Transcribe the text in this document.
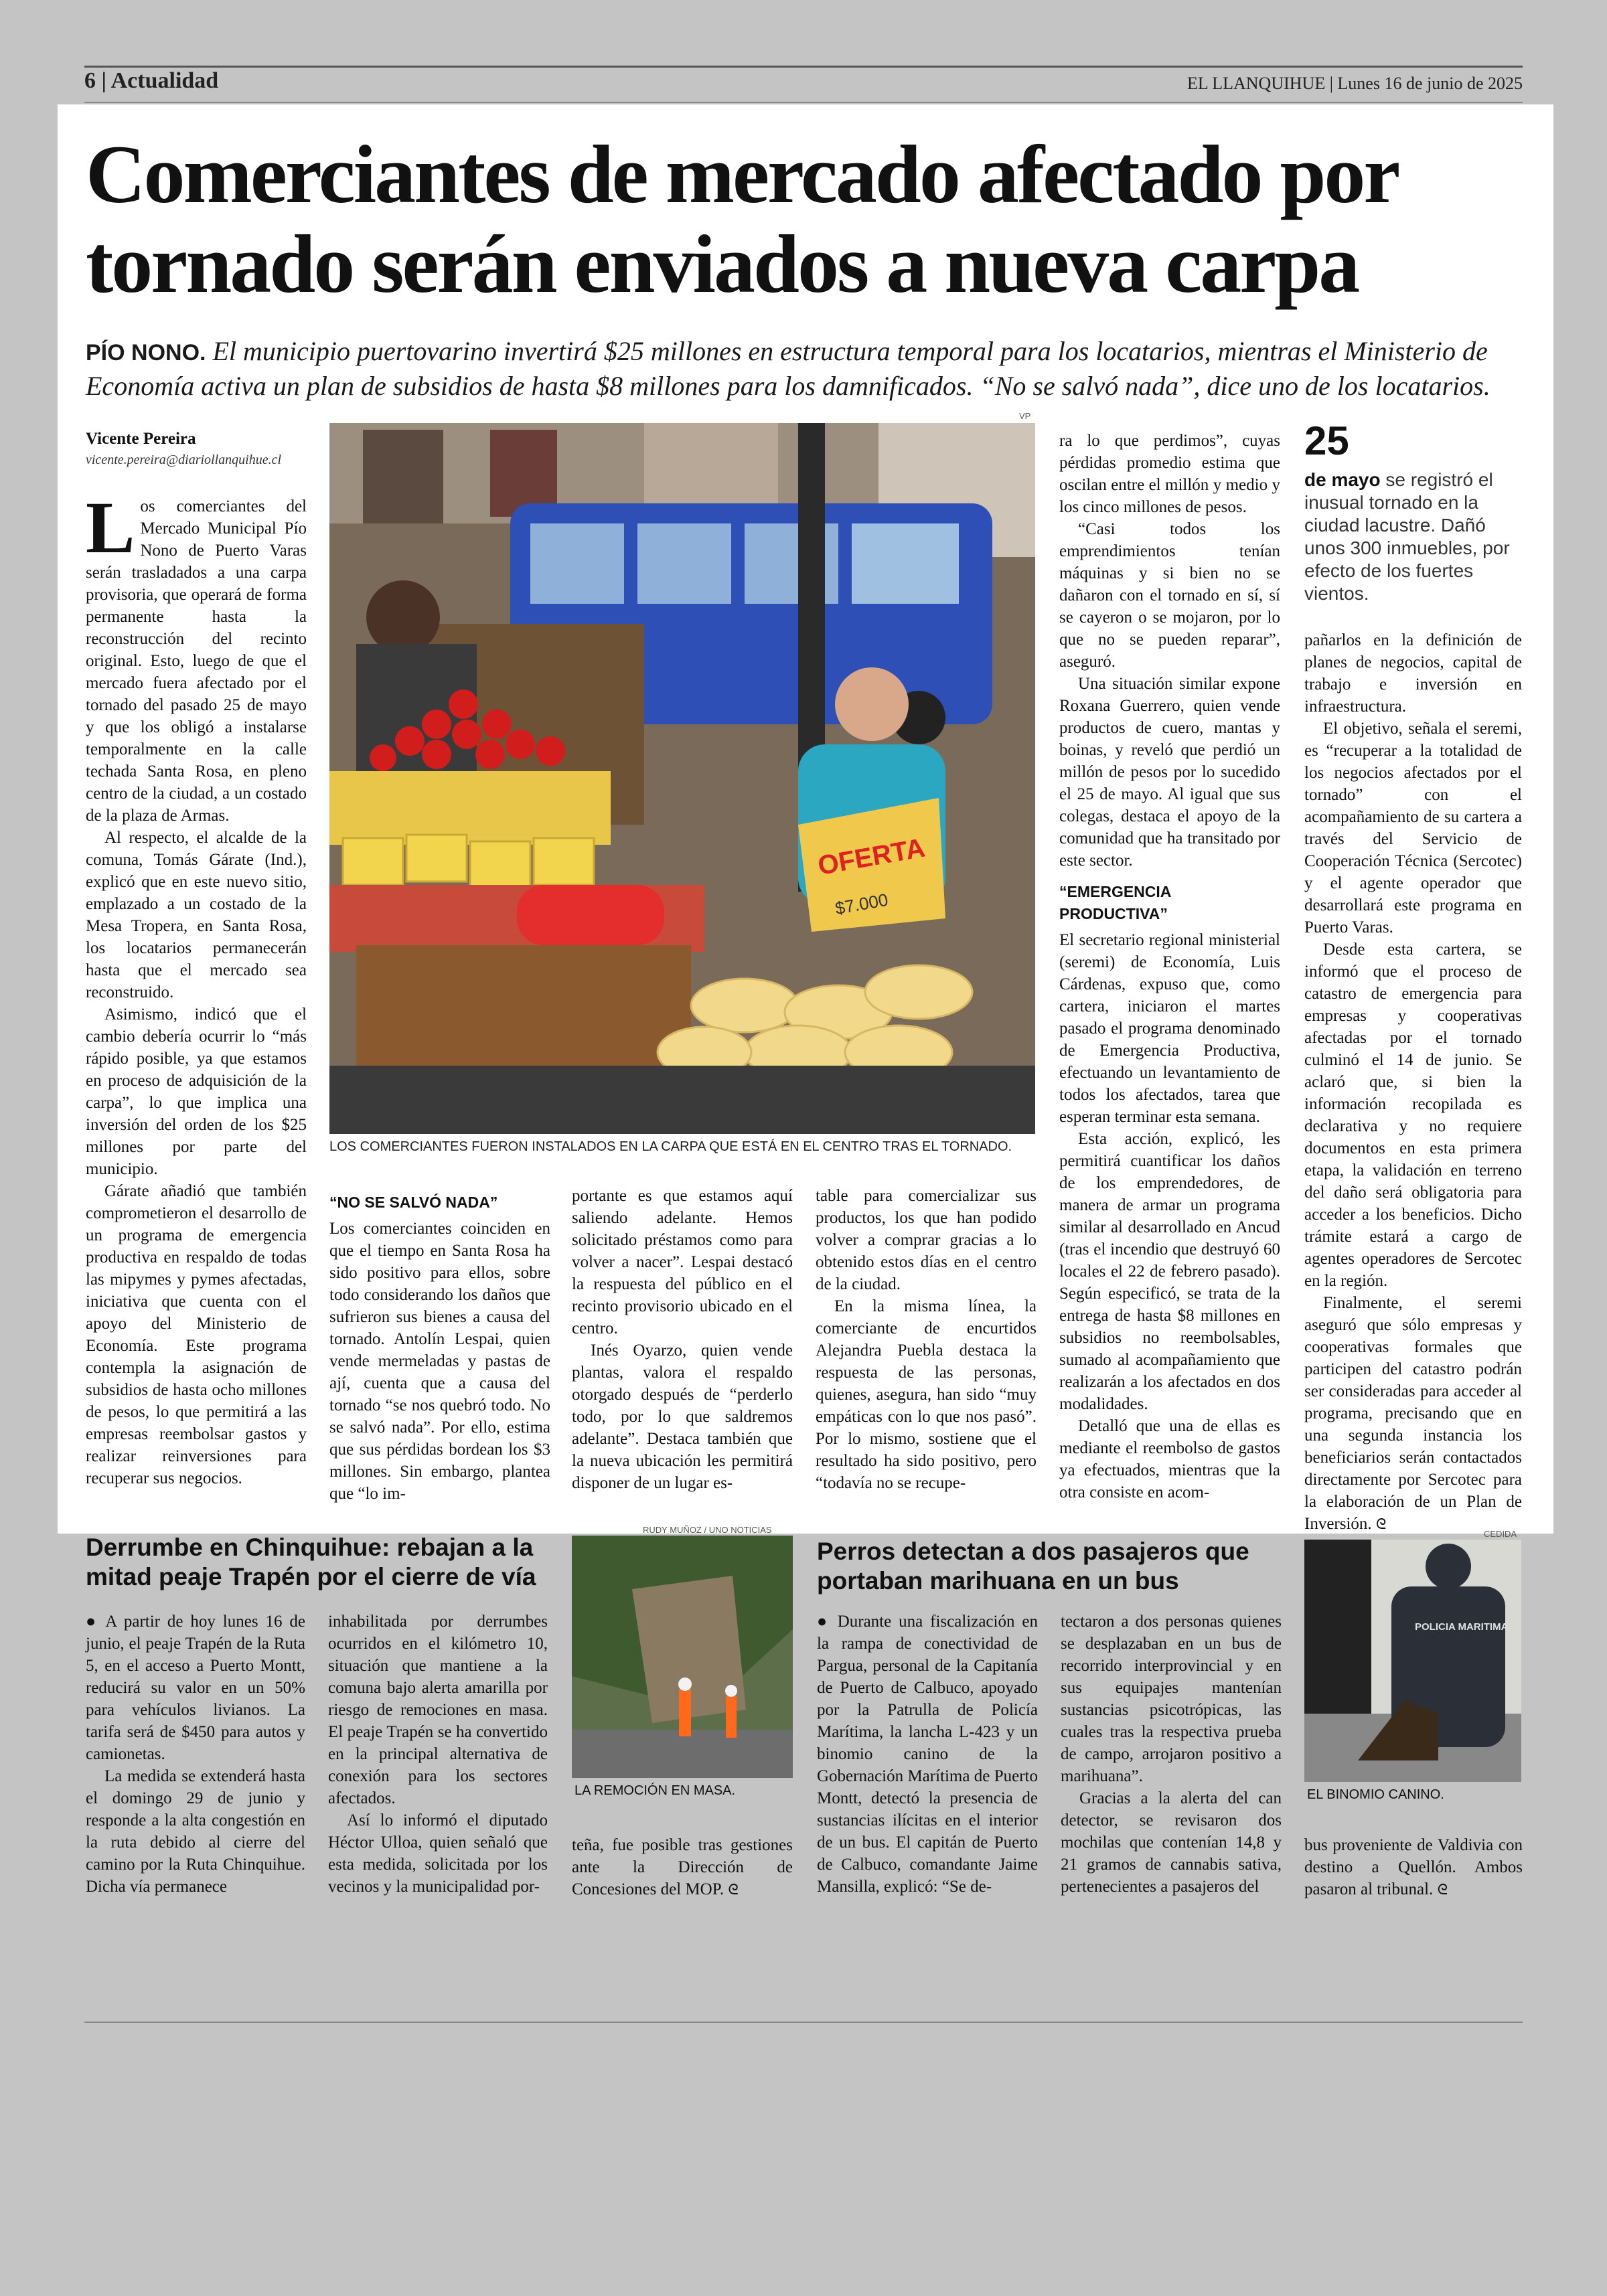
6 | Actualidad	EL LLANQUIHUE | Lunes 16 de junio de 2025
Comerciantes de mercado afectado por
tornado serán enviados a nueva carpa
PÍO NONO. El municipio puertovarino invertirá $25 millones en estructura temporal para los locatarios, mientras el Ministerio de Economía activa un plan de subsidios de hasta $8 millones para los damnificados. “No se salvó nada”, dice uno de los locatarios.
Vicente Pereira
vicente.pereira@diariollanquihue.cl

Los comerciantes del Mercado Municipal Pío Nono de Puerto Varas serán trasladados a una carpa provisoria, que operará de forma permanente hasta la reconstrucción del recinto original. Esto, luego de que el mercado fuera afectado por el tornado del pasado 25 de mayo y que los obligó a instalarse temporalmente en la calle techada Santa Rosa, en pleno centro de la ciudad, a un costado de la plaza de Armas.

Al respecto, el alcalde de la comuna, Tomás Gárate (Ind.), explicó que en este nuevo sitio, emplazado a un costado de la Mesa Tropera, en Santa Rosa, los locatarios permanecerán hasta que el mercado sea reconstruido.

Asimismo, indicó que el cambio debería ocurrir lo “más rápido posible, ya que estamos en proceso de adquisición de la carpa”, lo que implica una inversión del orden de los $25 millones por parte del municipio.

Gárate añadió que también comprometieron el desarrollo de un programa de emergencia productiva en respaldo de todas las mipymes y pymes afectadas, iniciativa que cuenta con el apoyo del Ministerio de Economía. Este programa contempla la asignación de subsidios de hasta ocho millones de pesos, lo que permitirá a las empresas reembolsar gastos y realizar reinversiones para recuperar sus negocios.

VP
OFERTA
$7.000
LOS COMERCIANTES FUERON INSTALADOS EN LA CARPA QUE ESTÁ EN EL CENTRO TRAS EL TORNADO.

“NO SE SALVÓ NADA”

Los comerciantes coinciden en que el tiempo en Santa Rosa ha sido positivo para ellos, sobre todo considerando los daños que sufrieron sus bienes a causa del tornado. Antolín Lespai, quien vende mermeladas y pastas de ají, cuenta que a causa del tornado “se nos quebró todo. No se salvó nada”. Por ello, estima que sus pérdidas bordean los $3 millones. Sin embargo, plantea que “lo im-

portante es que estamos aquí saliendo adelante. Hemos solicitado préstamos como para volver a nacer”. Lespai destacó la respuesta del público en el recinto provisorio ubicado en el centro.

Inés Oyarzo, quien vende plantas, valora el respaldo otorgado después de “perderlo todo, por lo que saldremos adelante”. Destaca también que la nueva ubicación les permitirá disponer de un lugar es-

table para comercializar sus productos, los que han podido volver a comprar gracias a lo obtenido estos días en el centro de la ciudad.

En la misma línea, la comerciante de encurtidos Alejandra Puebla destaca la respuesta de las personas, quienes, asegura, han sido “muy empáticas con lo que nos pasó”. Por lo mismo, sostiene que el resultado ha sido positivo, pero “todavía no se recupe-

ra lo que perdimos”, cuyas pérdidas promedio estima que oscilan entre el millón y medio y los cinco millones de pesos.

“Casi todos los emprendimientos tenían máquinas y si bien no se dañaron con el tornado en sí, sí se cayeron o se mojaron, por lo que no se pueden reparar”, aseguró.

Una situación similar expone Roxana Guerrero, quien vende productos de cuero, mantas y boinas, y reveló que perdió un millón de pesos por lo sucedido el 25 de mayo. Al igual que sus colegas, destaca el apoyo de la comunidad que ha transitado por este sector.

“EMERGENCIA PRODUCTIVA”

El secretario regional ministerial (seremi) de Economía, Luis Cárdenas, expuso que, como cartera, iniciaron el martes pasado el programa denominado de Emergencia Productiva, efectuando un levantamiento de todos los afectados, tarea que esperan terminar esta semana.

Esta acción, explicó, les permitirá cuantificar los daños de los emprendedores, de manera de armar un programa similar al desarrollado en Ancud (tras el incendio que destruyó 60 locales el 22 de febrero pasado). Según especificó, se trata de la entrega de hasta $8 millones en subsidios no reembolsables, sumado al acompañamiento que realizarán a los afectados en dos modalidades.

Detalló que una de ellas es mediante el reembolso de gastos ya efectuados, mientras que la otra consiste en acom-

25
de mayo se registró el inusual tornado en la ciudad lacustre. Dañó unos 300 inmuebles, por efecto de los fuertes vientos.

pañarlos en la definición de planes de negocios, capital de trabajo e inversión en infraestructura.

El objetivo, señala el seremi, es “recuperar a la totalidad de los negocios afectados por el tornado” con el acompañamiento de su cartera a través del Servicio de Cooperación Técnica (Sercotec) y el agente operador que desarrollará este programa en Puerto Varas.

Desde esta cartera, se informó que el proceso de catastro de emergencia para empresas y cooperativas afectadas por el tornado culminó el 14 de junio. Se aclaró que, si bien la información recopilada es declarativa y no requiere documentos en esta primera etapa, la validación en terreno del daño será obligatoria para acceder a los beneficios. Dicho trámite estará a cargo de agentes operadores de Sercotec en la región.

Finalmente, el seremi aseguró que sólo empresas y cooperativas formales que participen del catastro podrán ser consideradas para acceder al programa, precisando que en una segunda instancia los beneficiarios serán contactados directamente por Sercotec para la elaboración de un Plan de Inversión. ᘓ

Derrumbe en Chinquihue: rebajan a la mitad peaje Trapén por el cierre de vía

● A partir de hoy lunes 16 de junio, el peaje Trapén de la Ruta 5, en el acceso a Puerto Montt, reducirá su valor en un 50% para vehículos livianos. La tarifa será de $450 para autos y camionetas.

La medida se extenderá hasta el domingo 29 de junio y responde a la alta congestión en la ruta debido al cierre del camino por la Ruta Chinquihue. Dicha vía permanece

inhabilitada por derrumbes ocurridos en el kilómetro 10, situación que mantiene a la comuna bajo alerta amarilla por riesgo de remociones en masa. El peaje Trapén se ha convertido en la principal alternativa de conexión para los sectores afectados.

Así lo informó el diputado Héctor Ulloa, quien señaló que esta medida, solicitada por los vecinos y la municipalidad por-

RUDY MUÑOZ / UNO NOTICIAS
LA REMOCIÓN EN MASA.

teña, fue posible tras gestiones ante la Dirección de Concesiones del MOP. ᘓ

Perros detectan a dos pasajeros que portaban marihuana en un bus

● Durante una fiscalización en la rampa de conectividad de Pargua, personal de la Capitanía de Puerto de Calbuco, apoyado por la Patrulla de Policía Marítima, la lancha L-423 y un binomio canino de la Gobernación Marítima de Puerto Montt, detectó la presencia de sustancias ilícitas en el interior de un bus. El capitán de Puerto de Calbuco, comandante Jaime Mansilla, explicó: “Se de-

tectaron a dos personas quienes se desplazaban en un bus de recorrido interprovincial y en sus equipajes mantenían sustancias psicotrópicas, las cuales tras la respectiva prueba de campo, arrojaron positivo a marihuana”.

Gracias a la alerta del can detector, se revisaron dos mochilas que contenían 14,8 y 21 gramos de cannabis sativa, pertenecientes a pasajeros del

CEDIDA
POLICIA MARITIMA
EL BINOMIO CANINO.

bus proveniente de Valdivia con destino a Quellón. Ambos pasaron al tribunal. ᘓ
